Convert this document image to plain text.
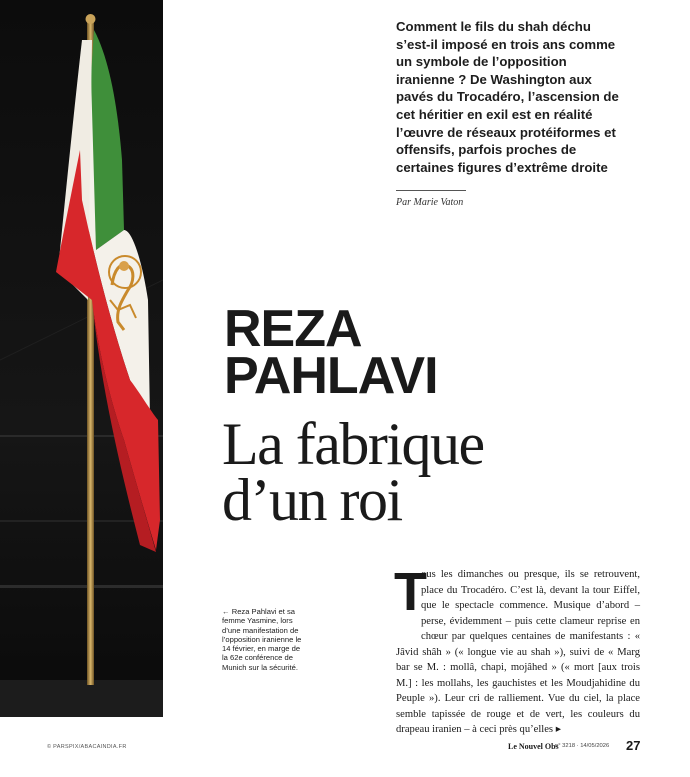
Comment le fils du shah déchu s’est-il imposé en trois ans comme un symbole de l’opposition iranienne ? De Washington aux pavés du Trocadéro, l’ascension de cet héritier en exil est en réalité l’œuvre de réseaux protéiformes et offensifs, parfois proches de certaines figures d’extrême droite
Par Marie Vaton
REZA
PAHLAVI
La fabrique
d’un roi
← Reza Pahlavi et sa femme Yasmine, lors d’une manifestation de l’opposition iranienne le 14 février, en marge de la 62e conférence de Munich sur la sécurité.
T
ous les dimanches ou presque, ils se retrouvent, place du Trocadéro. C’est là, devant la tour Eiffel, que le spectacle commence. Musique d’abord – perse, évidemment – puis cette clameur reprise en chœur par quelques centaines de manifestants : « Jâvid shâh » (« longue vie au shah »), suivi de « Marg bar se M. : mollâ, chapi, mojâhed » (« mort [aux trois M.] : les mollahs, les gauchistes et les Moudjahidine du Peuple »). Leur cri de ralliement. Vue du ciel, la place semble tapissée de rouge et de vert, les couleurs du drapeau iranien – à ceci près qu’elles ▸
© PARSPIX/ABACAINDIA.FR	Le Nouvel Obs
n° 3218 · 14/05/2026 27
